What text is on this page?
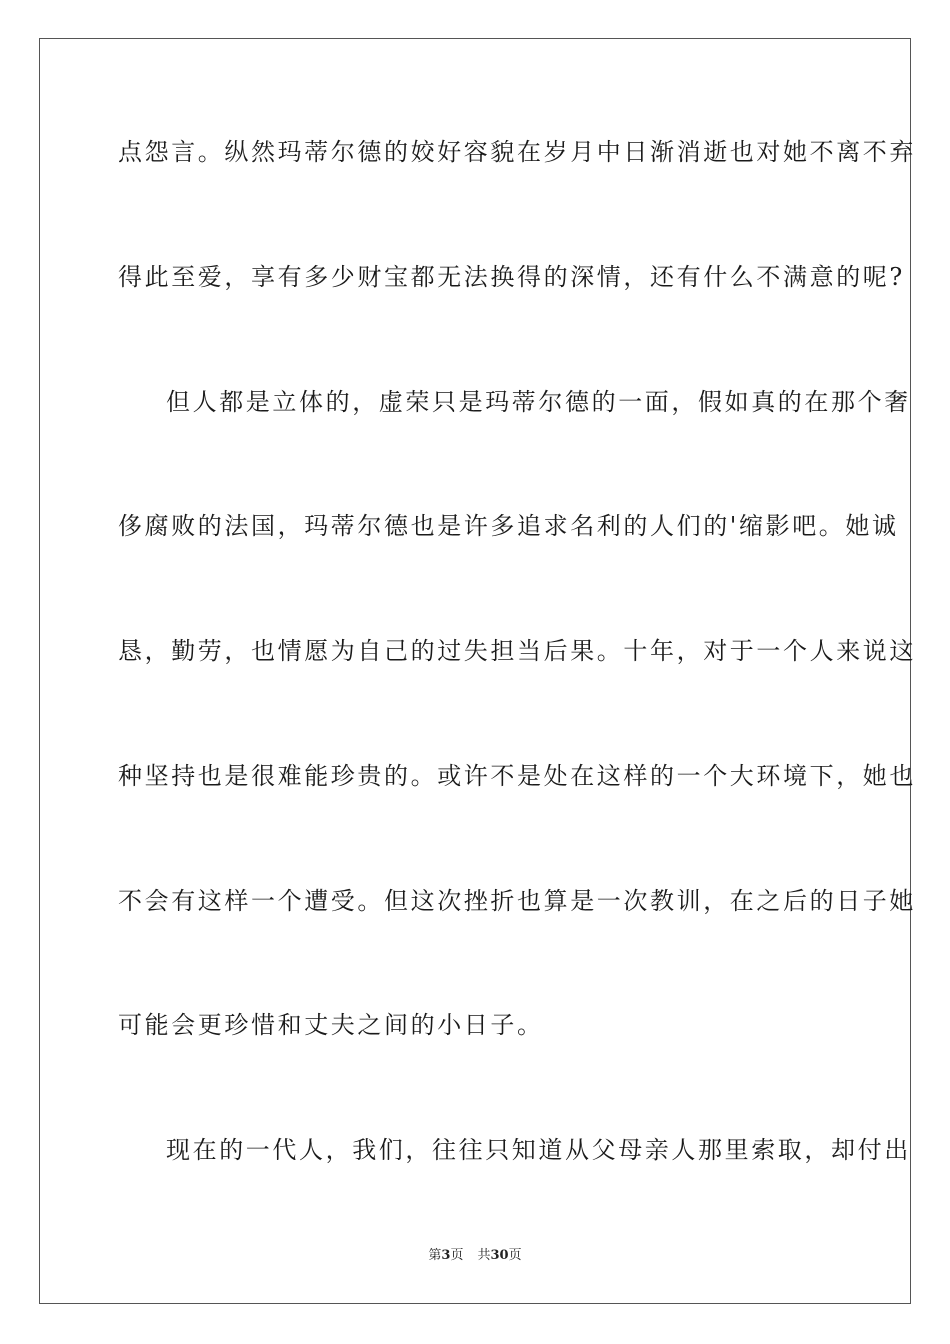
点怨言。纵然玛蒂尔德的姣好容貌在岁月中日渐消逝也对她不离不弃
得此至爱，享有多少财宝都无法换得的深情，还有什么不满意的呢?
但人都是立体的，虚荣只是玛蒂尔德的一面，假如真的在那个奢
侈腐败的法国，玛蒂尔德也是许多追求名利的人们的'缩影吧。她诚
恳，勤劳，也情愿为自己的过失担当后果。十年，对于一个人来说这
种坚持也是很难能珍贵的。或许不是处在这样的一个大环境下，她也
不会有这样一个遭受。但这次挫折也算是一次教训，在之后的日子她
可能会更珍惜和丈夫之间的小日子。
现在的一代人，我们，往往只知道从父母亲人那里索取，却付出
第3页 共30页
